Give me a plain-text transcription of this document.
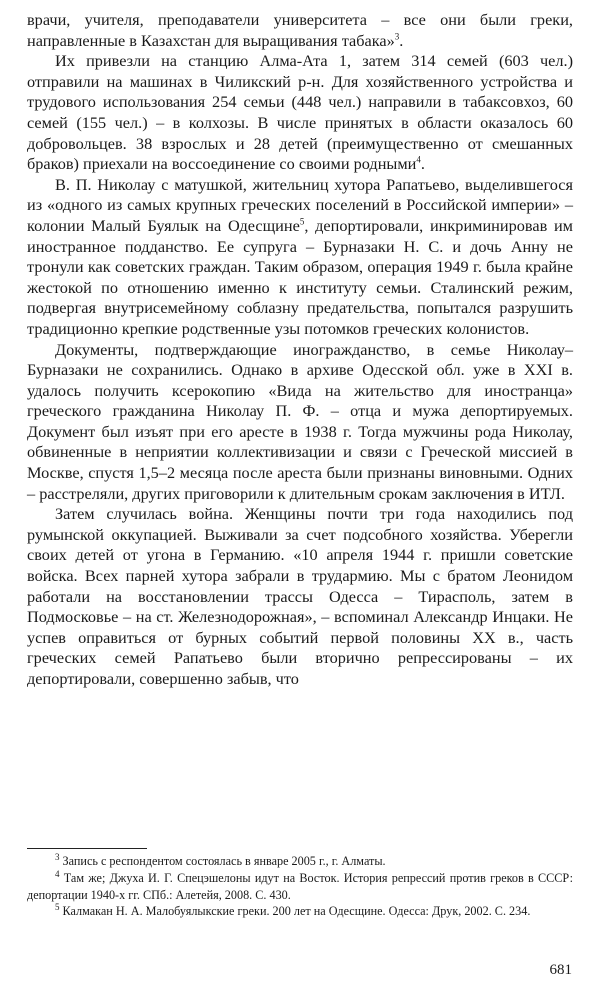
врачи, учителя, преподаватели университета – все они были греки, направленные в Казахстан для выращивания табака»$^3$.

Их привезли на станцию Алма-Ата 1, затем 314 семей (603 чел.) отправили на машинах в Чиликский р-н. Для хозяйственного устройства и трудового использования 254 семьи (448 чел.) направили в табаксовхоз, 60 семей (155 чел.) – в колхозы. В числе принятых в области оказалось 60 добровольцев. 38 взрослых и 28 детей (преимущественно от смешанных браков) приехали на воссоединение со своими родными$^4$.

В. П. Николау с матушкой, жительниц хутора Рапатьево, выделившегося из «одного из самых крупных греческих поселений в Российской империи» – колонии Малый Буялык на Одесщине$^5$, депортировали, инкриминировав им иностранное подданство. Ее супруга – Бурназаки Н. С. и дочь Анну не тронули как советских граждан. Таким образом, операция 1949 г. была крайне жестокой по отношению именно к институту семьи. Сталинский режим, подвергая внутрисемейному соблазну предательства, попытался разрушить традиционно крепкие родственные узы потомков греческих колонистов.

Документы, подтверждающие иногражданство, в семье Николау–Бурназаки не сохранились. Однако в архиве Одесской обл. уже в XXI в. удалось получить ксерокопию «Вида на жительство для иностранца» греческого гражданина Николау П. Ф. – отца и мужа депортируемых. Документ был изъят при его аресте в 1938 г. Тогда мужчины рода Николау, обвиненные в неприятии коллективизации и связи с Греческой миссией в Москве, спустя 1,5–2 месяца после ареста были признаны виновными. Одних – расстреляли, других приговорили к длительным срокам заключения в ИТЛ.

Затем случилась война. Женщины почти три года находились под румынской оккупацией. Выживали за счет подсобного хозяйства. Уберегли своих детей от угона в Германию. «10 апреля 1944 г. пришли советские войска. Всех парней хутора забрали в трудармию. Мы с братом Леонидом работали на восстановлении трассы Одесса – Тирасполь, затем в Подмосковье – на ст. Железнодорожная», – вспоминал Александр Инцаки. Не успев оправиться от бурных событий первой половины XX в., часть греческих семей Рапатьево были вторично репрессированы – их депортировали, совершенно забыв, что

$^3$ Запись с респондентом состоялась в январе 2005 г., г. Алматы.

$^4$ Там же; Джуха И. Г. Спецэшелоны идут на Восток. История репрессий против греков в СССР: депортации 1940-х гг. СПб.: Алетейя, 2008. С. 430.

$^5$ Калмакан Н. А. Малобуялыкские греки. 200 лет на Одесщине. Одесса: Друк, 2002. С. 234.

681
